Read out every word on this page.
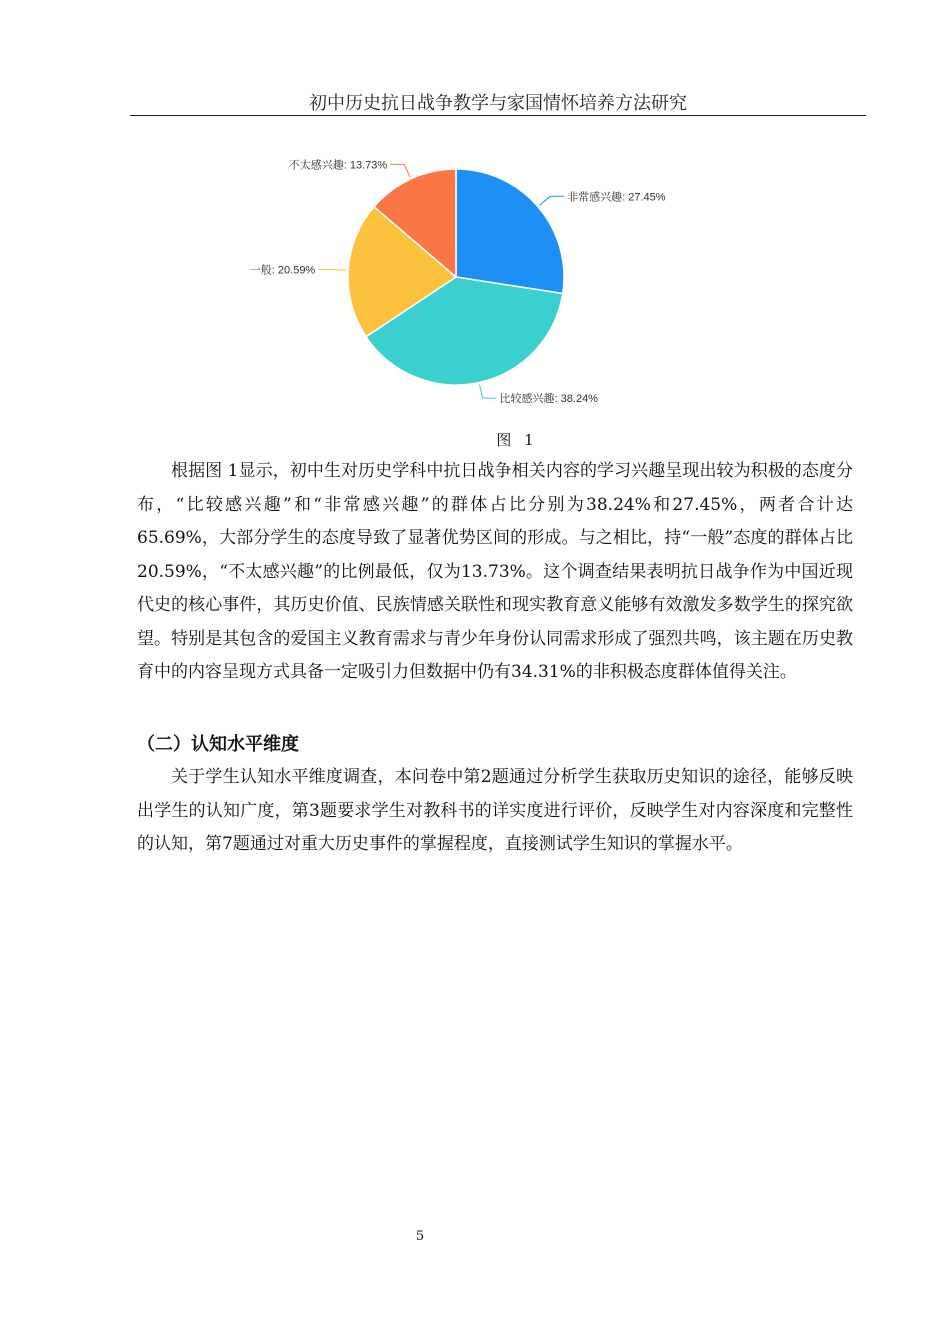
初中历史抗日战争教学与家国情怀培养方法研究
非常感兴趣: 27.45%
比较感兴趣: 38.24%
一般: 20.59%
不太感兴趣: 13.73%
图 1

根据图 1显示，初中生对历史学科中抗日战争相关内容的学习兴趣呈现出较为积极的态度分布，“比较感兴趣”和“非常感兴趣”的群体占比分别为38.24%和27.45%，两者合计达65.69%，大部分学生的态度导致了显著优势区间的形成。与之相比，持“一般”态度的群体占比20.59%，“不太感兴趣”的比例最低，仅为13.73%。这个调查结果表明抗日战争作为中国近现代史的核心事件，其历史价值、民族情感关联性和现实教育意义能够有效激发多数学生的探究欲望。特别是其包含的爱国主义教育需求与青少年身份认同需求形成了强烈共鸣，该主题在历史教育中的内容呈现方式具备一定吸引力但数据中仍有34.31%的非积极态度群体值得关注。

（二）认知水平维度

关于学生认知水平维度调查，本问卷中第2题通过分析学生获取历史知识的途径，能够反映出学生的认知广度，第3题要求学生对教科书的详实度进行评价，反映学生对内容深度和完整性的认知，第7题通过对重大历史事件的掌握程度，直接测试学生知识的掌握水平。

5
